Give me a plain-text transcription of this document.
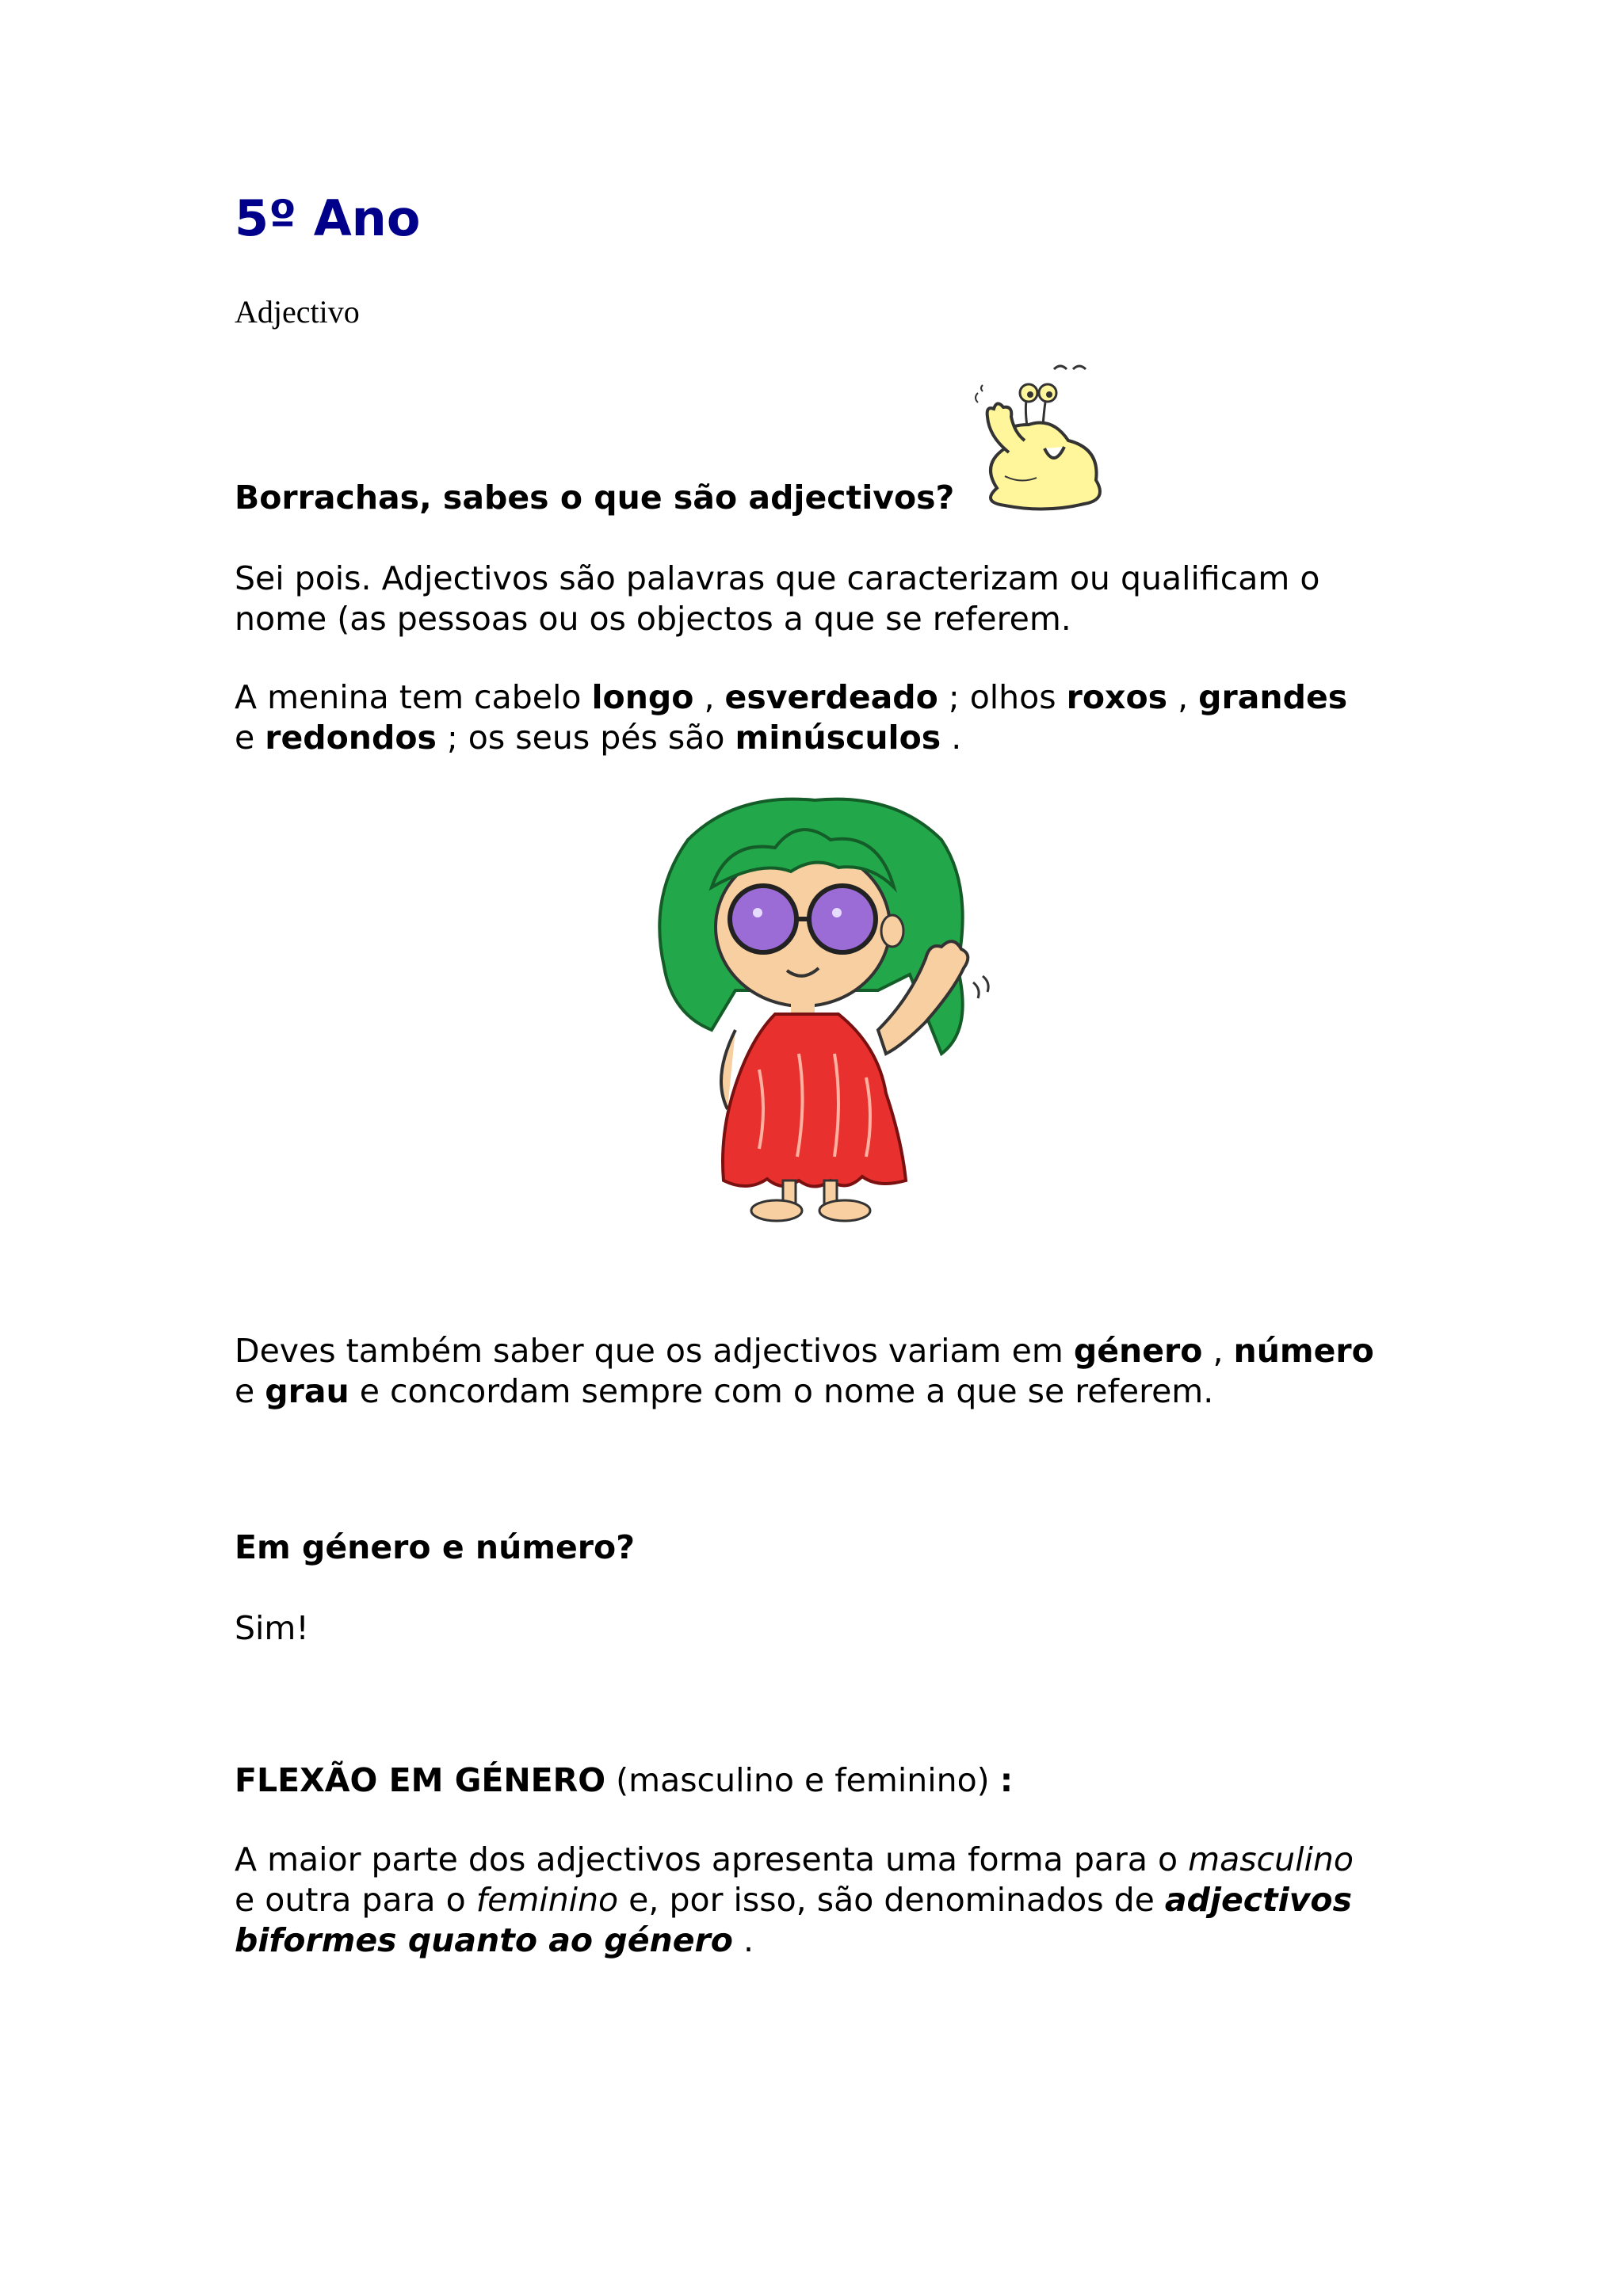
5º Ano
Adjectivo

Borrachas, sabes o que são adjectivos?

Sei pois. Adjectivos são palavras que caracterizam ou qualificam o
nome (as pessoas ou os objectos a que se referem.
A menina tem cabelo longo , esverdeado ; olhos roxos , grandes
e redondos ; os seus pés são minúsculos .
Deves também saber que os adjectivos variam em género , número
e grau e concordam sempre com o nome a que se referem.

Em género e número?

Sim!

FLEXÃO EM GÉNERO (masculino e feminino) :

A maior parte dos adjectivos apresenta uma forma para o masculino
e outra para o feminino e, por isso, são denominados de adjectivos
biformes quanto ao género .
